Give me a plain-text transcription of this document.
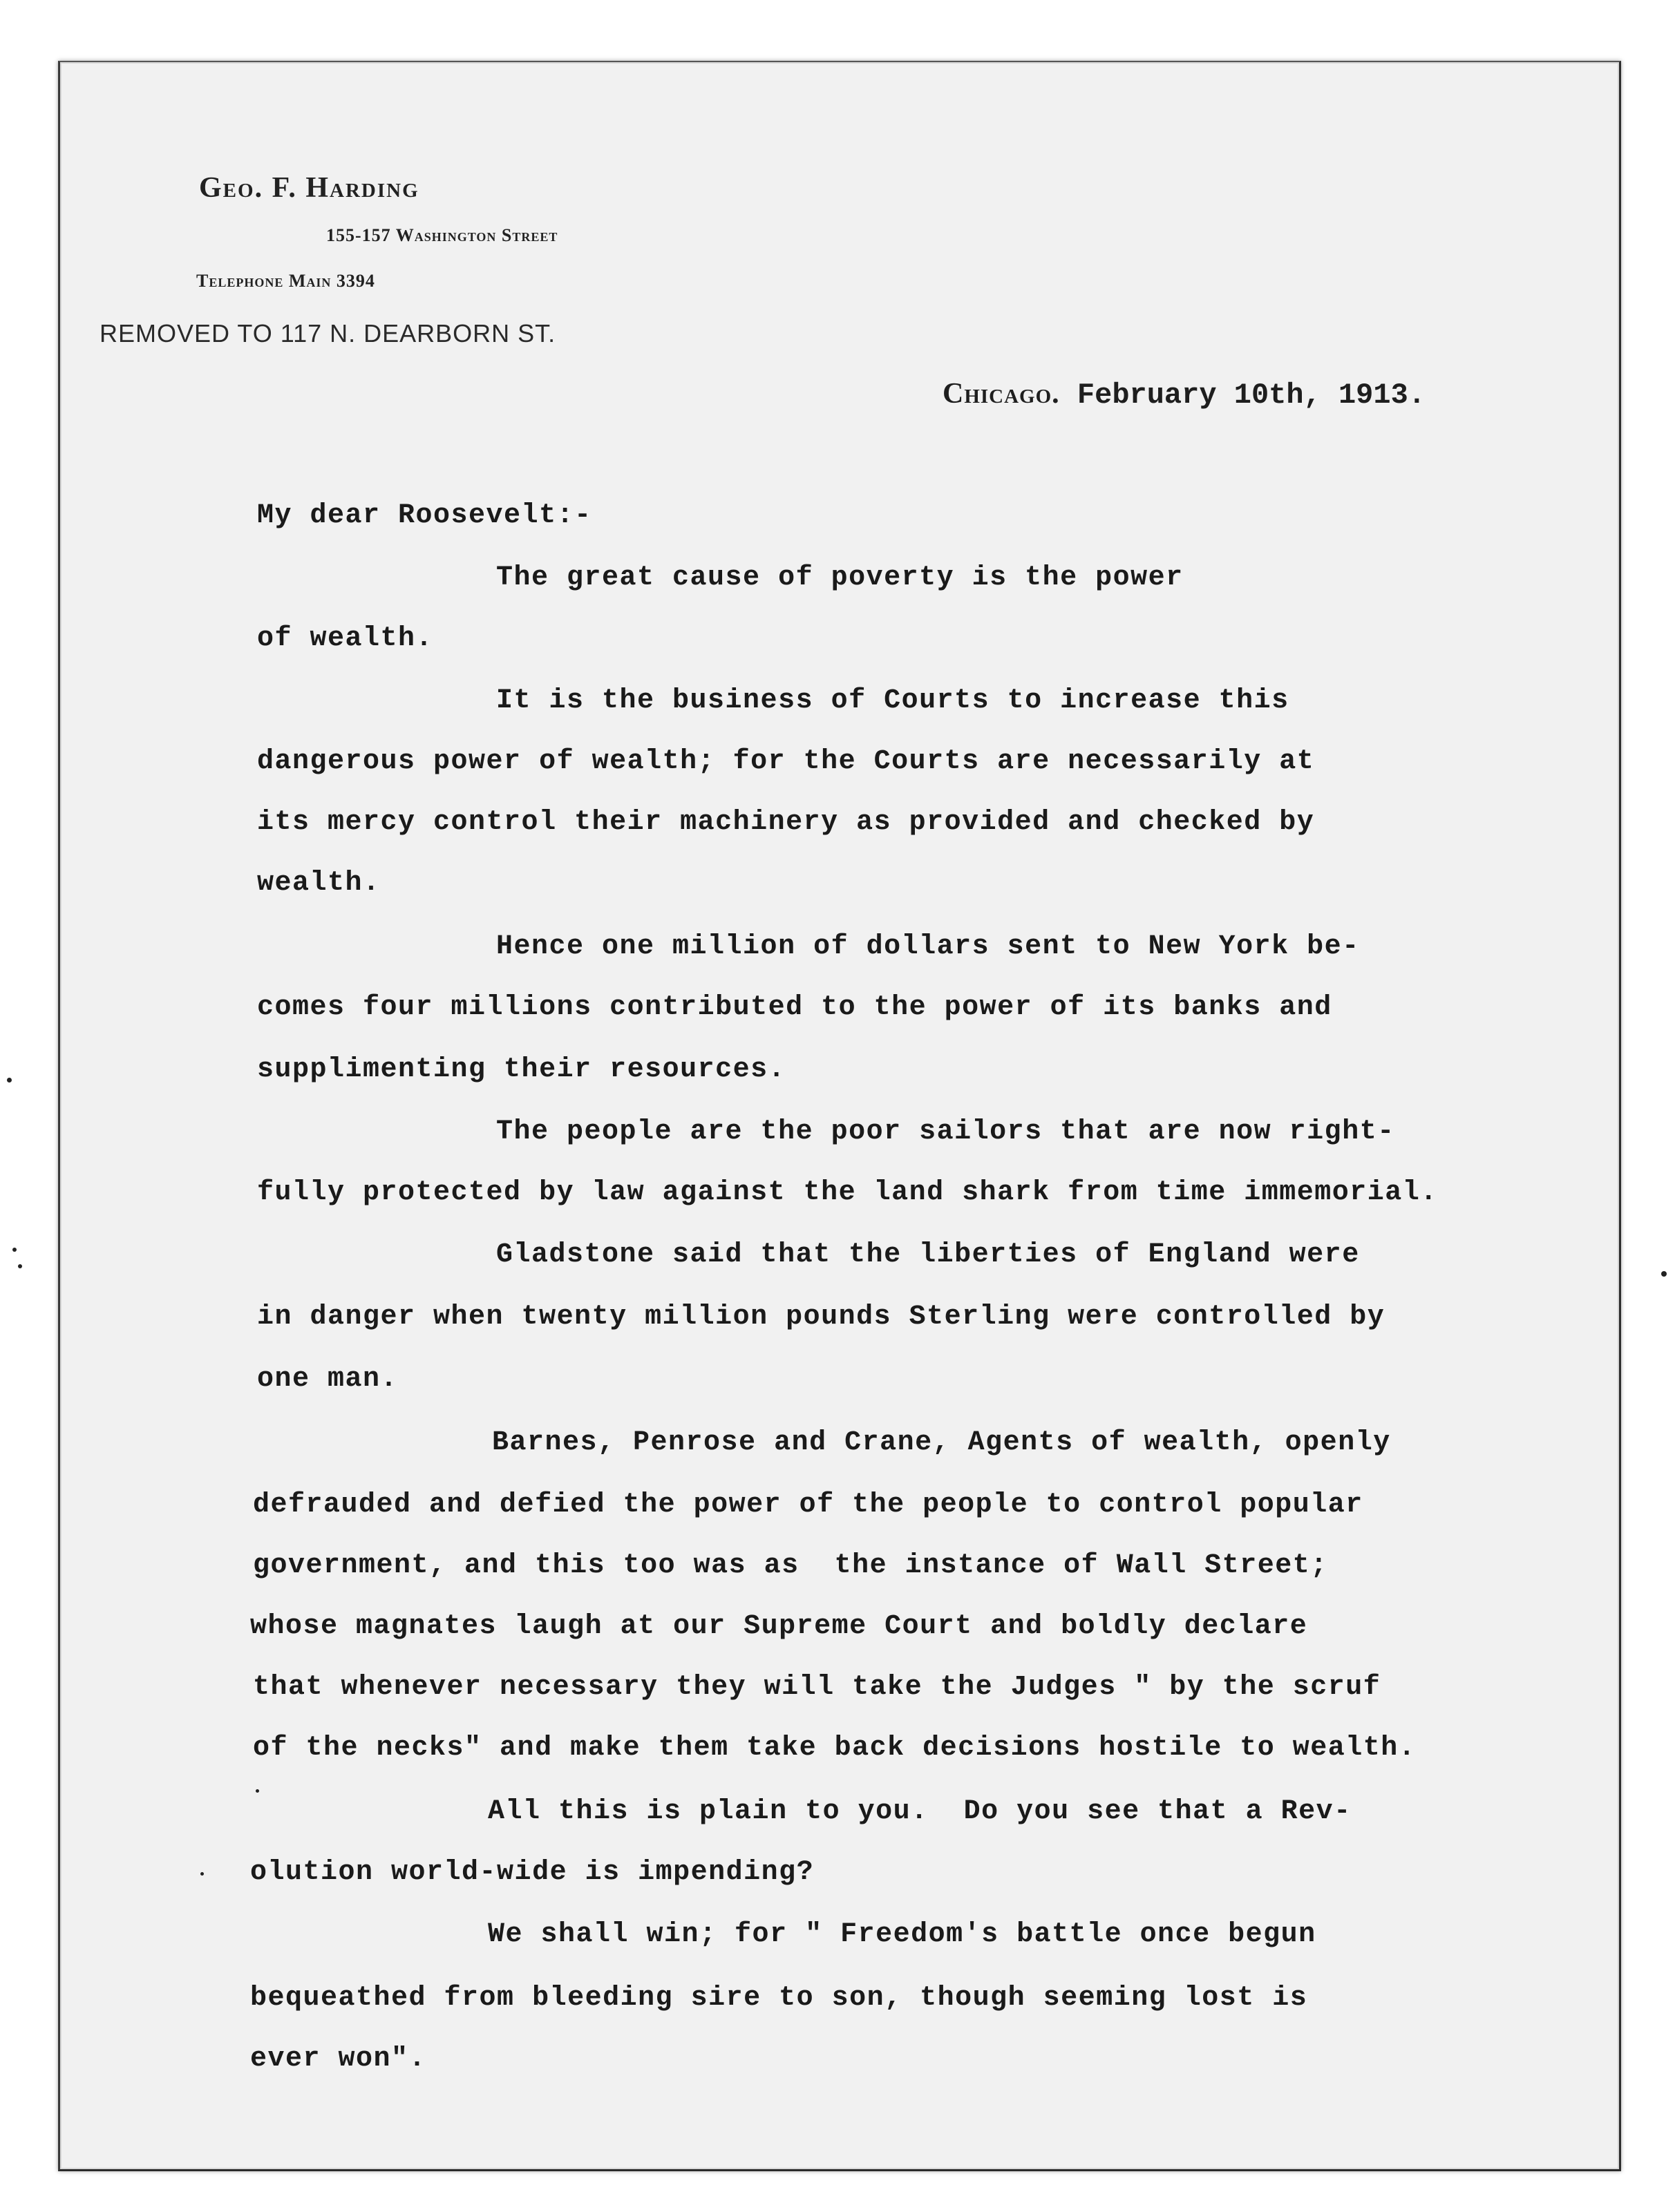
Geo. F. Harding
155-157 Washington Street
Telephone Main 3394
REMOVED TO 117 N. DEARBORN ST.
Chicago. February 10th, 1913.
My dear Roosevelt:-
The great cause of poverty is the power
of wealth.
It is the business of Courts to increase this
dangerous power of wealth; for the Courts are necessarily at
its mercy control their machinery as provided and checked by
wealth.
Hence one million of dollars sent to New York be-
comes four millions contributed to the power of its banks and
supplimenting their resources.
The people are the poor sailors that are now right-
fully protected by law against the land shark from time immemorial.
Gladstone said that the liberties of England were
in danger when twenty million pounds Sterling were controlled by
one man.
Barnes, Penrose and Crane, Agents of wealth, openly
defrauded and defied the power of the people to control popular
government, and this too was as  the instance of Wall Street;
whose magnates laugh at our Supreme Court and boldly declare
that whenever necessary they will take the Judges " by the scruf
of the necks" and make them take back decisions hostile to wealth.
All this is plain to you.  Do you see that a Rev-
olution world-wide is impending?
We shall win; for " Freedom's battle once begun
bequeathed from bleeding sire to son, though seeming lost is
ever won".
